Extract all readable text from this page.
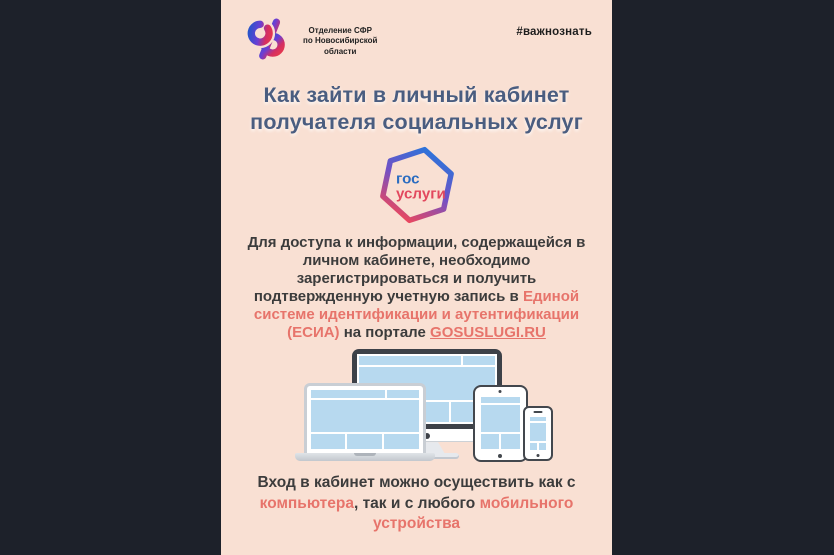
Отделение СФР
по Новосибирской
области
#важнознать
Как зайти в личный кабинет
получателя социальных услуг
гос
услуги
Для доступа к информации, содержащейся в личном кабинете, необходимо зарегистрироваться и получить подтвержденную учетную запись в Единой системе идентификации и аутентификации (ЕСИА) на портале GOSUSLUGI.RU
Вход в кабинет можно осуществить как с компьютера, так и с любого мобильного устройства
